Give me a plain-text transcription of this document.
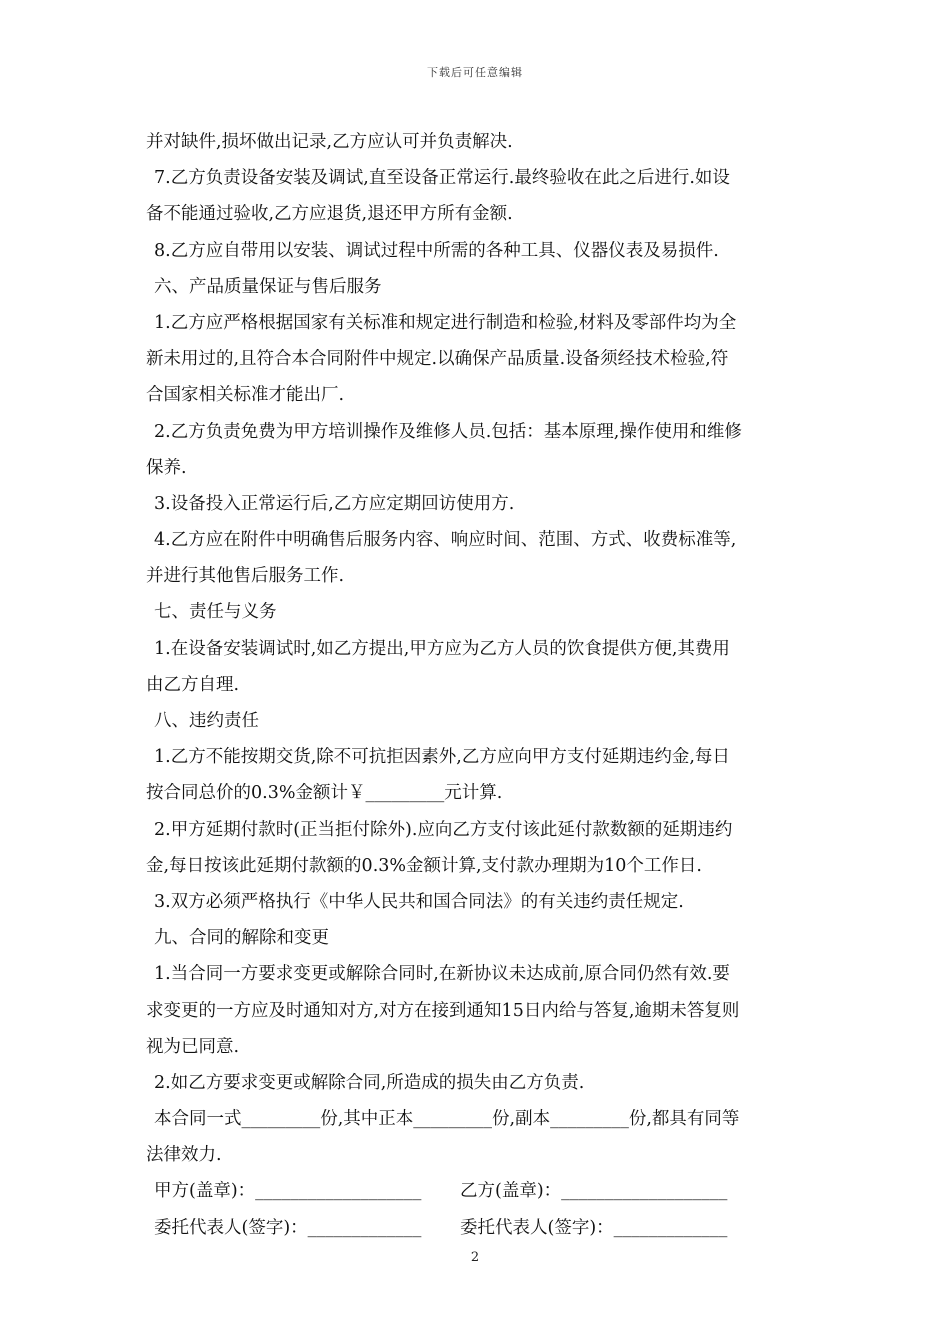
下载后可任意编辑
并对缺件,损坏做出记录,乙方应认可并负责解决.
7.乙方负责设备安装及调试,直至设备正常运行.最终验收在此之后进行.如设
备不能通过验收,乙方应退货,退还甲方所有金额.
8.乙方应自带用以安装、调试过程中所需的各种工具、仪器仪表及易损件.
六、产品质量保证与售后服务
1.乙方应严格根据国家有关标准和规定进行制造和检验,材料及零部件均为全
新未用过的,且符合本合同附件中规定.以确保产品质量.设备须经技术检验,符
合国家相关标准才能出厂.
2.乙方负责免费为甲方培训操作及维修人员.包括：基本原理,操作使用和维修
保养.
3.设备投入正常运行后,乙方应定期回访使用方.
4.乙方应在附件中明确售后服务内容、响应时间、范围、方式、收费标准等,
并进行其他售后服务工作.
七、责任与义务
1.在设备安装调试时,如乙方提出,甲方应为乙方人员的饮食提供方便,其费用
由乙方自理.
八、违约责任
1.乙方不能按期交货,除不可抗拒因素外,乙方应向甲方支付延期违约金,每日
按合同总价的0.3%金额计￥_________元计算.
2.甲方延期付款时(正当拒付除外).应向乙方支付该此延付款数额的延期违约
金,每日按该此延期付款额的0.3%金额计算,支付款办理期为10个工作日.
3.双方必须严格执行《中华人民共和国合同法》的有关违约责任规定.
九、合同的解除和变更
1.当合同一方要求变更或解除合同时,在新协议未达成前,原合同仍然有效.要
求变更的一方应及时通知对方,对方在接到通知15日内给与答复,逾期未答复则
视为已同意.
2.如乙方要求变更或解除合同,所造成的损失由乙方负责.
本合同一式_________份,其中正本_________份,副本_________份,都具有同等
法律效力.
甲方(盖章)：___________________ 乙方(盖章)：___________________
委托代表人(签字)：_____________ 委托代表人(签字)：_____________
2
